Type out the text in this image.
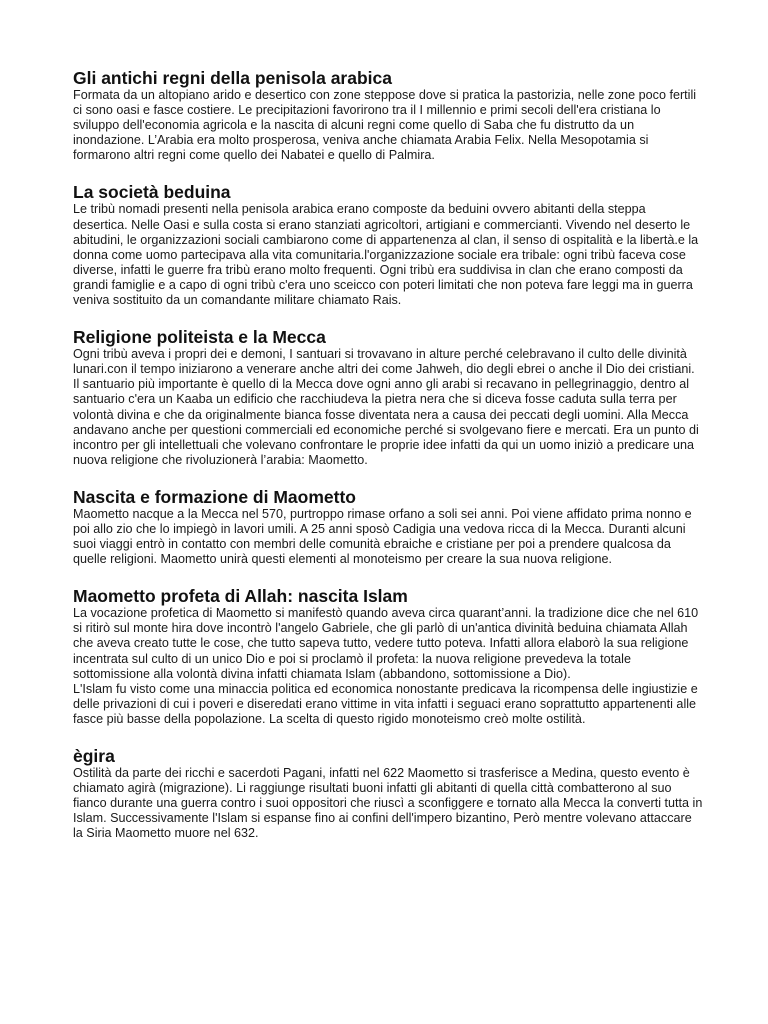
Gli antichi regni della penisola arabica

Formata da un altopiano arido e desertico con zone steppose dove si pratica la pastorizia, nelle zone poco fertili ci sono oasi e fasce costiere. Le precipitazioni favorirono tra il I millennio e primi secoli dell'era cristiana lo sviluppo dell'economia agricola e la nascita di alcuni regni come quello di Saba che fu distrutto da un inondazione. L’Arabia era molto prosperosa, veniva anche chiamata Arabia Felix. Nella Mesopotamia si formarono altri regni come quello dei Nabatei e quello di Palmira.

La società beduina

Le tribù nomadi presenti nella penisola arabica erano composte da beduini ovvero abitanti della steppa desertica. Nelle Oasi e sulla costa si erano stanziati agricoltori, artigiani e commercianti. Vivendo nel deserto le abitudini, le organizzazioni sociali cambiarono come di appartenenza al clan, il senso di ospitalità e la libertà.e la donna come uomo partecipava alla vita comunitaria.l'organizzazione sociale era tribale: ogni tribù faceva cose diverse, infatti le guerre fra tribù erano molto frequenti. Ogni tribù era suddivisa in clan che erano composti da grandi famiglie e a capo di ogni tribù c'era uno sceicco con poteri limitati che non poteva fare leggi ma in guerra veniva sostituito da un comandante militare chiamato Rais.

Religione politeista e la Mecca

Ogni tribù aveva i propri dei e demoni, I santuari si trovavano in alture perché celebravano il culto delle divinità lunari.con il tempo iniziarono a venerare anche altri dei come Jahweh, dio degli ebrei o anche il Dio dei cristiani. Il santuario più importante è quello di la Mecca dove ogni anno gli arabi si recavano in pellegrinaggio, dentro al santuario c'era un Kaaba un edificio che racchiudeva la pietra nera che si diceva fosse caduta sulla terra per volontà divina e che da originalmente bianca fosse diventata nera a causa dei peccati degli uomini. Alla Mecca andavano anche per questioni commerciali ed economiche perché si svolgevano fiere e mercati. Era un punto di incontro per gli intellettuali che volevano confrontare le proprie idee infatti da qui un uomo iniziò a predicare una nuova religione che rivoluzionerà l’arabia: Maometto.

Nascita e formazione di Maometto

Maometto nacque a la Mecca nel 570, purtroppo rimase orfano a soli sei anni. Poi viene affidato prima nonno e poi allo zio che lo impiegò in lavori umili. A 25 anni sposò Cadigia una vedova ricca di la Mecca. Duranti alcuni suoi viaggi entrò in contatto con membri delle comunità ebraiche e cristiane per poi a prendere qualcosa da quelle religioni. Maometto unirà questi elementi al monoteismo per creare la sua nuova religione.

Maometto profeta di Allah: nascita Islam

La vocazione profetica di Maometto si manifestò quando aveva circa quarant’anni. la tradizione dice che nel 610 si ritirò sul monte hira dove incontrò l'angelo Gabriele, che gli parlò di un'antica divinità beduina chiamata Allah che aveva creato tutte le cose, che tutto sapeva tutto, vedere tutto poteva. Infatti allora elaborò la sua religione incentrata sul culto di un unico Dio e poi si proclamò il profeta: la nuova religione prevedeva la totale sottomissione alla volontà divina infatti chiamata Islam (abbandono, sottomissione a Dio).
L'Islam fu visto come una minaccia politica ed economica nonostante predicava la ricompensa delle ingiustizie e delle privazioni di cui i poveri e diseredati erano vittime in vita infatti i seguaci erano soprattutto appartenenti alle fasce più basse della popolazione. La scelta di questo rigido monoteismo creò molte ostilità.

ègira

Ostilità da parte dei ricchi e sacerdoti Pagani, infatti nel 622 Maometto si trasferisce a Medina, questo evento è chiamato agirà (migrazione). Li raggiunge risultati buoni infatti gli abitanti di quella città combatterono al suo fianco durante una guerra contro i suoi oppositori che riuscì a sconfiggere e tornato alla Mecca la converti tutta in Islam. Successivamente l'Islam si espanse fino ai confini dell'impero bizantino, Però mentre volevano attaccare la Siria Maometto muore nel 632.
